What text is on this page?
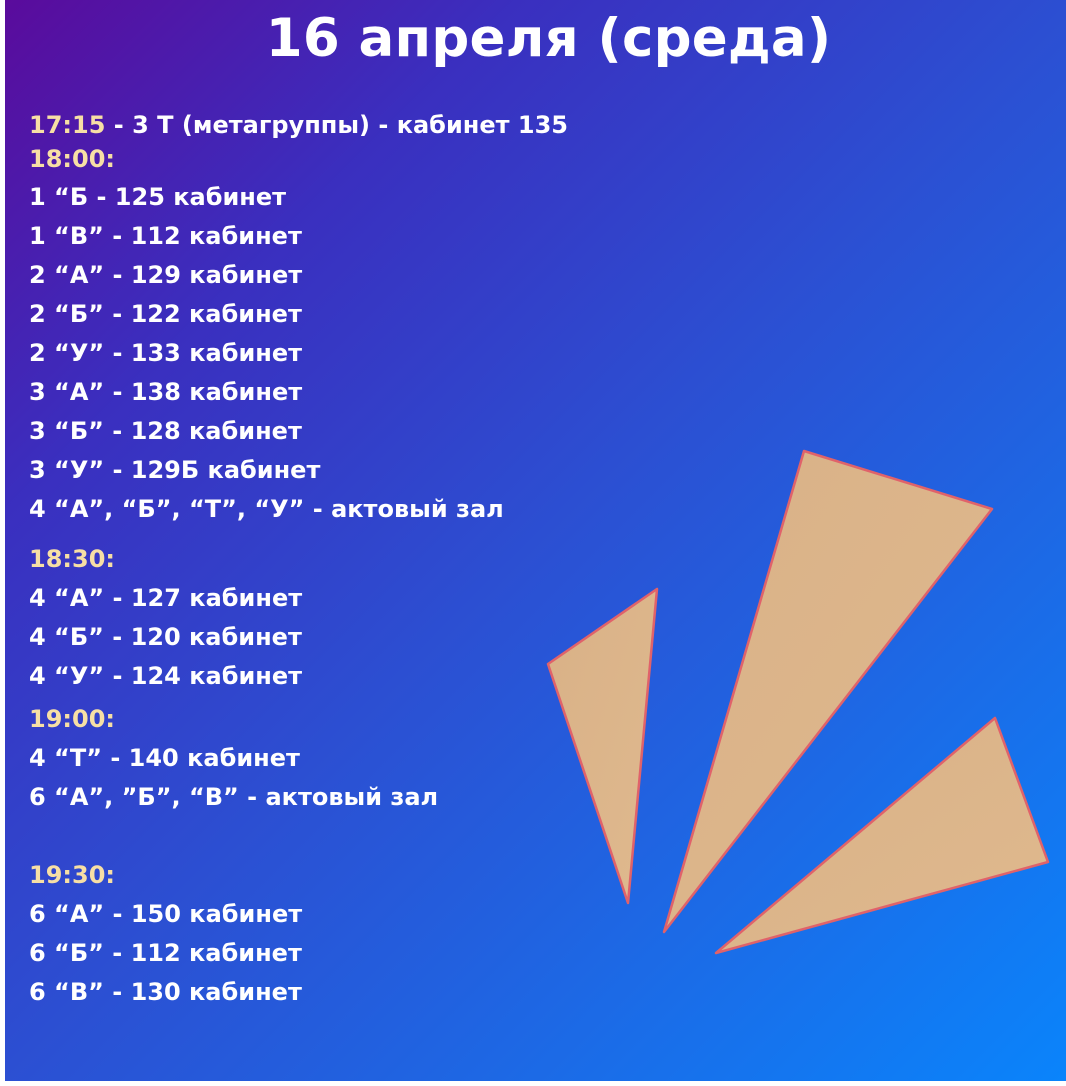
16 апреля (среда)
17:15 - 3 Т (метагруппы) - кабинет 135
18:00:
1 “Б - 125 кабинет
1 “В” - 112 кабинет
2 “А” - 129 кабинет
2 “Б” - 122 кабинет
2 “У” - 133 кабинет
3 “А” - 138 кабинет
3 “Б” - 128 кабинет
3 “У” - 129Б кабинет
4 “А”, “Б”, “Т”, “У” - актовый зал
18:30:
4 “А” - 127 кабинет
4 “Б” - 120 кабинет
4 “У” - 124 кабинет
19:00:
4 “Т” - 140 кабинет
6 “А”, ”Б”, “В” - актовый зал
19:30:
6 “А” - 150 кабинет
6 “Б” - 112 кабинет
6 “В” - 130 кабинет
